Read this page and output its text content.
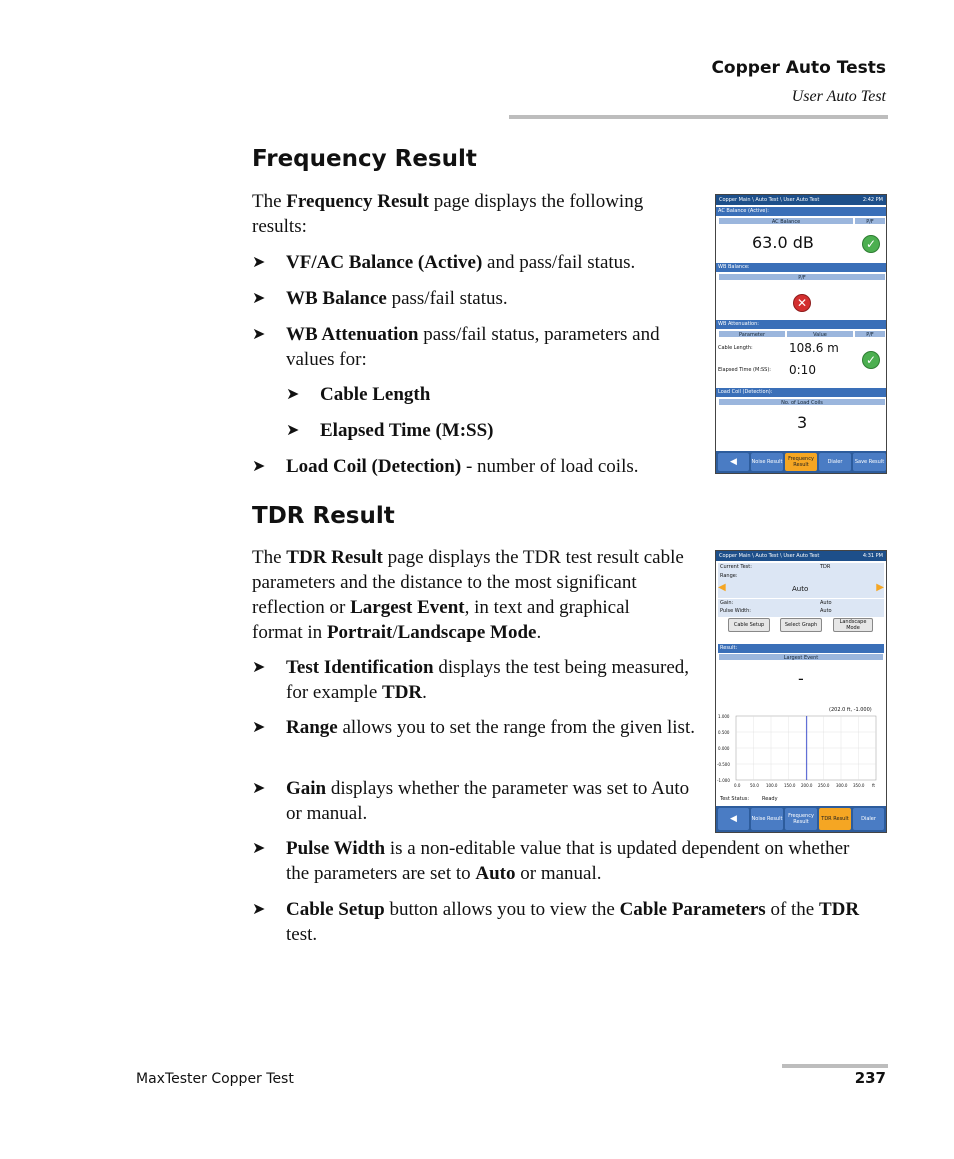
Copper Auto Tests
User Auto Test
Frequency Result
The Frequency Result page displays the following results:
➤ VF/AC Balance (Active) and pass/fail status.
➤ WB Balance pass/fail status.
➤ WB Attenuation pass/fail status, parameters and values for:
➤ Cable Length
➤ Elapsed Time (M:SS)
➤ Load Coil (Detection) - number of load coils.
Copper Main \ Auto Test \ User Auto Test	2:42 PM
AC Balance (Active):
AC Balance	P/F
63.0 dB	✓
WB Balance:
P/F
✕
WB Attenuation:
Parameter	Value	P/F
Cable Length:	108.6 m
Elapsed Time (M:SS): 0:10
✓
Load Coil (Detection):
No. of Load Coils
3
◀	Noise Result	Frequency Result	Dialer	Save Result
TDR Result
The TDR Result page displays the TDR test result cable parameters and the distance to the most significant reflection or Largest Event, in text and graphical format in Portrait/Landscape Mode.
➤ Test Identification displays the test being measured, for example TDR.
➤ Range allows you to set the range from the given list.
➤ Gain displays whether the parameter was set to Auto or manual.
➤ Pulse Width is a non-editable value that is updated dependent on whether the parameters are set to Auto or manual.
➤ Cable Setup button allows you to view the Cable Parameters of the TDR test.
Copper Main \ Auto Test \ User Auto Test	4:31 PM
Current Test:	TDR
Range:
◀	Auto	▶
Gain:	Auto
Pulse Width:	Auto
Cable Setup	Select Graph	Landscape Mode
Result:
Largest Event
-
(202.0 ft, -1.000)
1.000
0.500
0.000
-0.500
-1.000
0.0 50.0 100.0 150.0 200.0 250.0 300.0 350.0 ft
Test Status:	Ready
◀	Noise Result	Frequency Result	TDR Result	Dialer
MaxTester Copper Test	237
